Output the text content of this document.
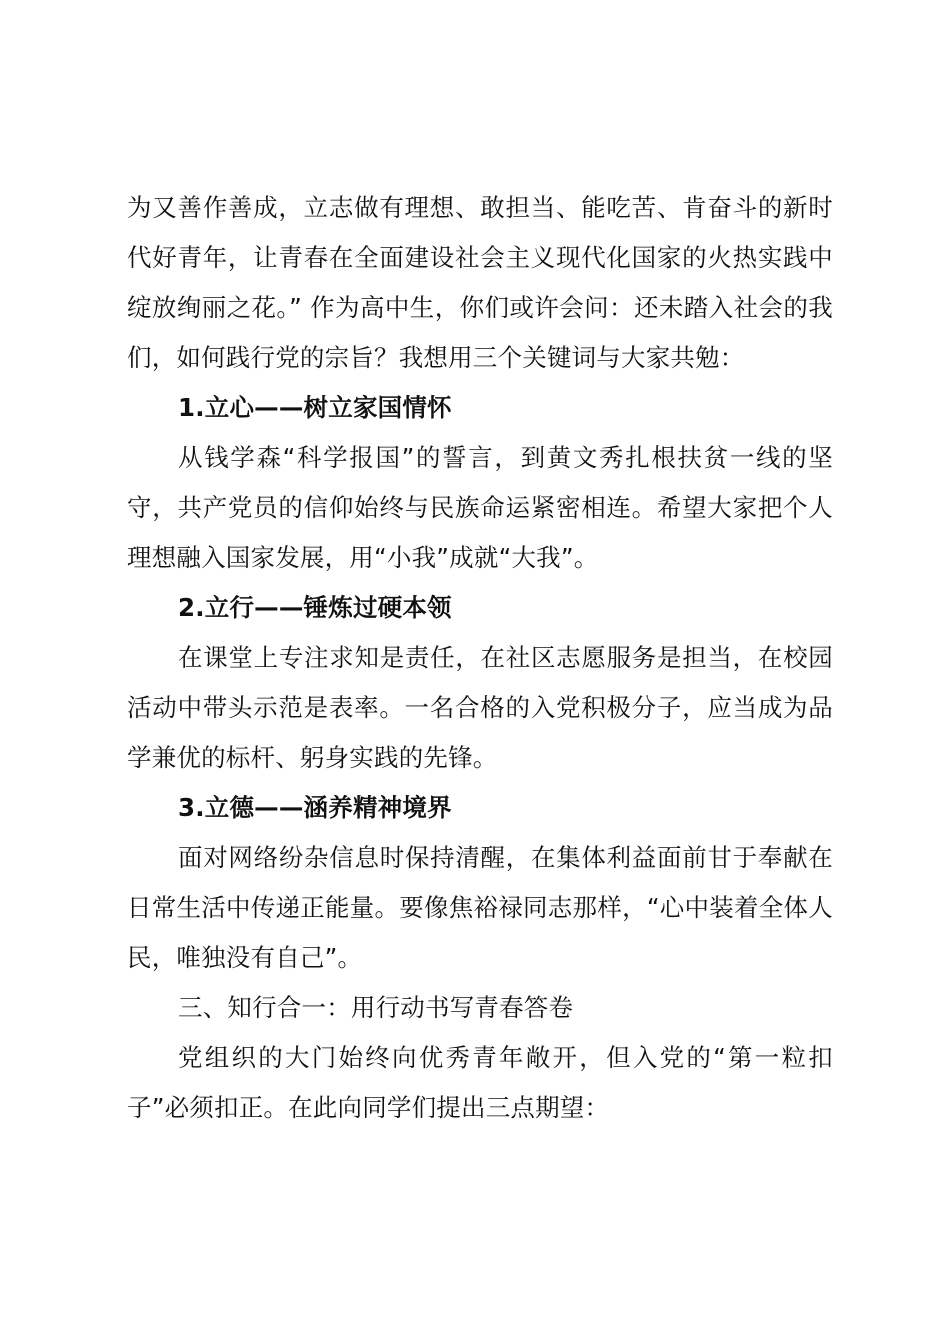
为又善作善成，立志做有理想、敢担当、能吃苦、肯奋斗的新时代好青年，让青春在全面建设社会主义现代化国家的火热实践中绽放绚丽之花。” 作为高中生，你们或许会问：还未踏入社会的我们，如何践行党的宗旨？我想用三个关键词与大家共勉：

1.立心——树立家国情怀

从钱学森“科学报国”的誓言，到黄文秀扎根扶贫一线的坚守，共产党员的信仰始终与民族命运紧密相连。希望大家把个人理想融入国家发展，用“小我”成就“大我”。

2.立行——锤炼过硬本领

在课堂上专注求知是责任，在社区志愿服务是担当，在校园活动中带头示范是表率。一名合格的入党积极分子，应当成为品学兼优的标杆、躬身实践的先锋。

3.立德——涵养精神境界

面对网络纷杂信息时保持清醒，在集体利益面前甘于奉献在日常生活中传递正能量。要像焦裕禄同志那样，“心中装着全体人民，唯独没有自己”。

三、知行合一：用行动书写青春答卷

党组织的大门始终向优秀青年敞开，但入党的“第一粒扣子”必须扣正。在此向同学们提出三点期望：
